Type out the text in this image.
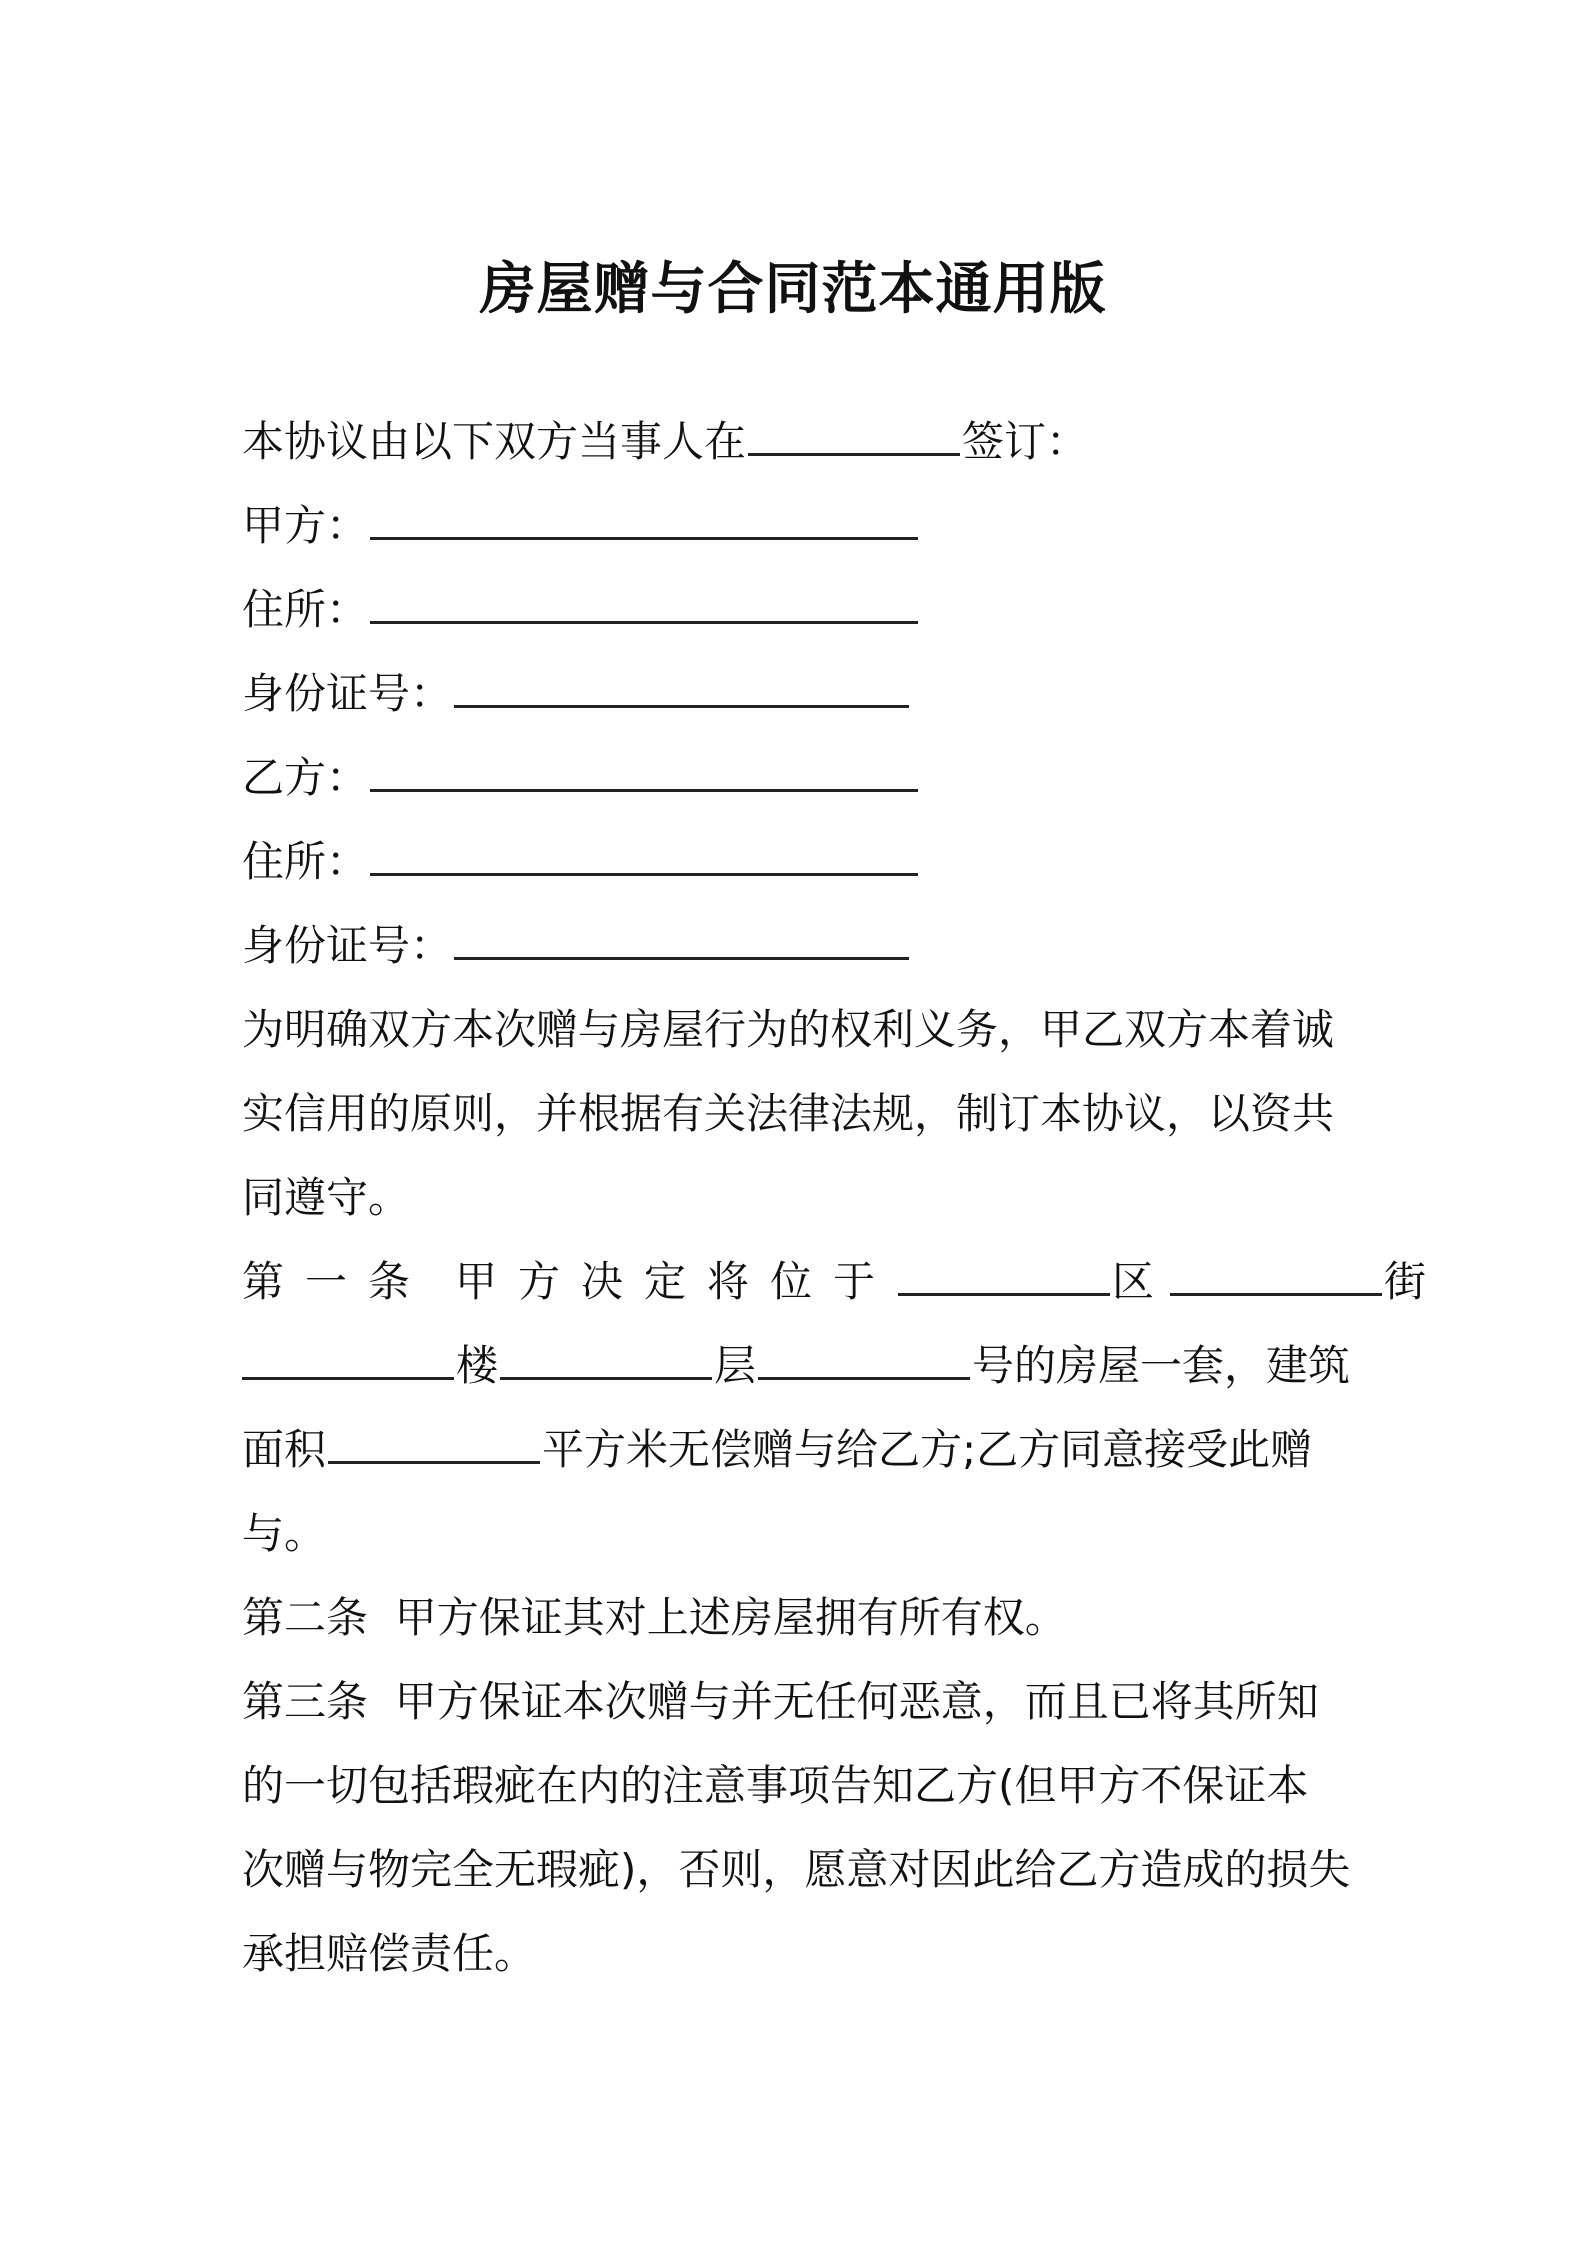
房屋赠与合同范本通用版
本协议由以下双方当事人在	签订：
甲方：
住所：
身份证号：
乙方：
住所：
身份证号：
为明确双方本次赠与房屋行为的权利义务，甲乙双方本着诚
实信用的原则，并根据有关法律法规，制订本协议，以资共
同遵守。
第一条 甲方决定将位于	区	街
楼	层	号的房屋一套，建筑
面积	平方米无偿赠与给乙方;乙方同意接受此赠
与。
第二条  甲方保证其对上述房屋拥有所有权。
第三条  甲方保证本次赠与并无任何恶意，而且已将其所知
的一切包括瑕疵在内的注意事项告知乙方(但甲方不保证本
次赠与物完全无瑕疵)，否则，愿意对因此给乙方造成的损失
承担赔偿责任。
